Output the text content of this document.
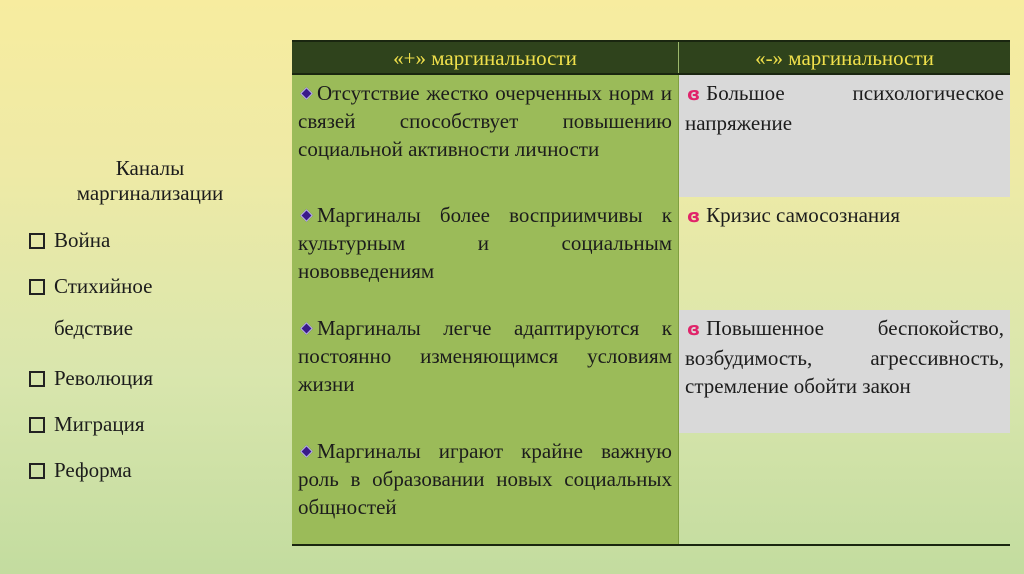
Каналы маргинализации
Война
Стихийное
бедствие
Революция
Миграция
Реформа
«+» маргинальности	«-» маргинальности

Отсутствие жестко очерченных норм и связей способствует повышению социальной активности личности	ɞ Большое психологическое напряжение

Маргиналы более восприимчивы к культурным и социальным нововведениям	ɞ Кризис самосознания

Маргиналы легче адаптируются к постоянно изменяющимся условиям жизни	ɞ Повышенное беспокойство, возбудимость, агрессивность, стремление обойти закон

Маргиналы играют крайне важную роль в образовании новых социальных общностей	
